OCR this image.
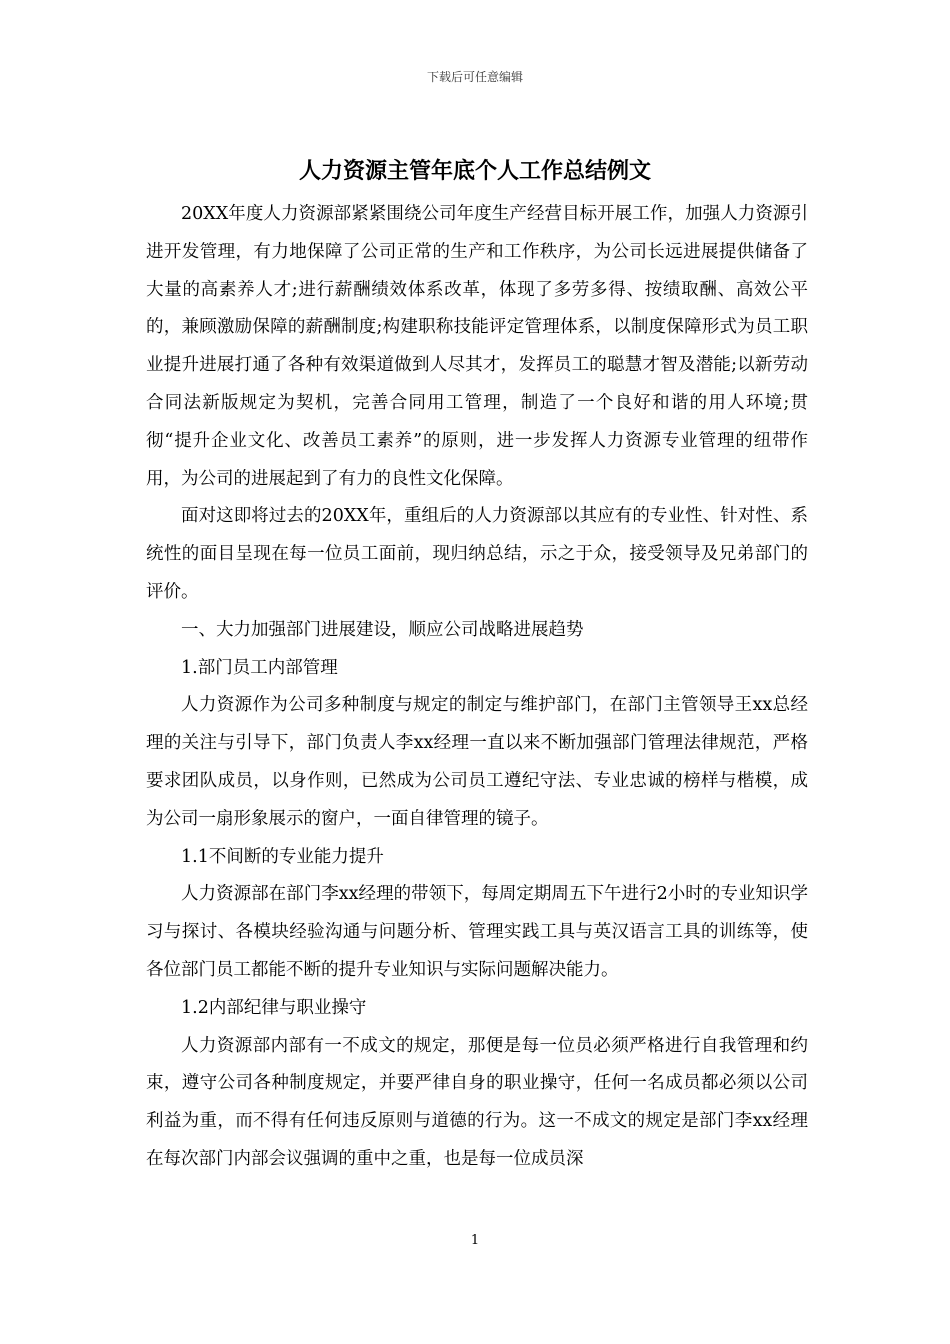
下载后可任意编辑
人力资源主管年底个人工作总结例文

20XX年度人力资源部紧紧围绕公司年度生产经营目标开展工作，加强人力资源引进开发管理，有力地保障了公司正常的生产和工作秩序，为公司长远进展提供储备了大量的高素养人才;进行薪酬绩效体系改革，体现了多劳多得、按绩取酬、高效公平的，兼顾激励保障的薪酬制度;构建职称技能评定管理体系，以制度保障形式为员工职业提升进展打通了各种有效渠道做到人尽其才，发挥员工的聪慧才智及潜能;以新劳动合同法新版规定为契机，完善合同用工管理，制造了一个良好和谐的用人环境;贯彻“提升企业文化、改善员工素养”的原则，进一步发挥人力资源专业管理的纽带作用，为公司的进展起到了有力的良性文化保障。

面对这即将过去的20XX年，重组后的人力资源部以其应有的专业性、针对性、系统性的面目呈现在每一位员工面前，现归纳总结，示之于众，接受领导及兄弟部门的评价。

一、大力加强部门进展建设，顺应公司战略进展趋势

1.部门员工内部管理

人力资源作为公司多种制度与规定的制定与维护部门，在部门主管领导王xx总经理的关注与引导下，部门负责人李xx经理一直以来不断加强部门管理法律规范，严格要求团队成员，以身作则，已然成为公司员工遵纪守法、专业忠诚的榜样与楷模，成为公司一扇形象展示的窗户，一面自律管理的镜子。

1.1不间断的专业能力提升

人力资源部在部门李xx经理的带领下，每周定期周五下午进行2小时的专业知识学习与探讨、各模块经验沟通与问题分析、管理实践工具与英汉语言工具的训练等，使各位部门员工都能不断的提升专业知识与实际问题解决能力。

1.2内部纪律与职业操守

人力资源部内部有一不成文的规定，那便是每一位员必须严格进行自我管理和约束，遵守公司各种制度规定，并要严律自身的职业操守，任何一名成员都必须以公司利益为重，而不得有任何违反原则与道德的行为。这一不成文的规定是部门李xx经理在每次部门内部会议强调的重中之重，也是每一位成员深

1
